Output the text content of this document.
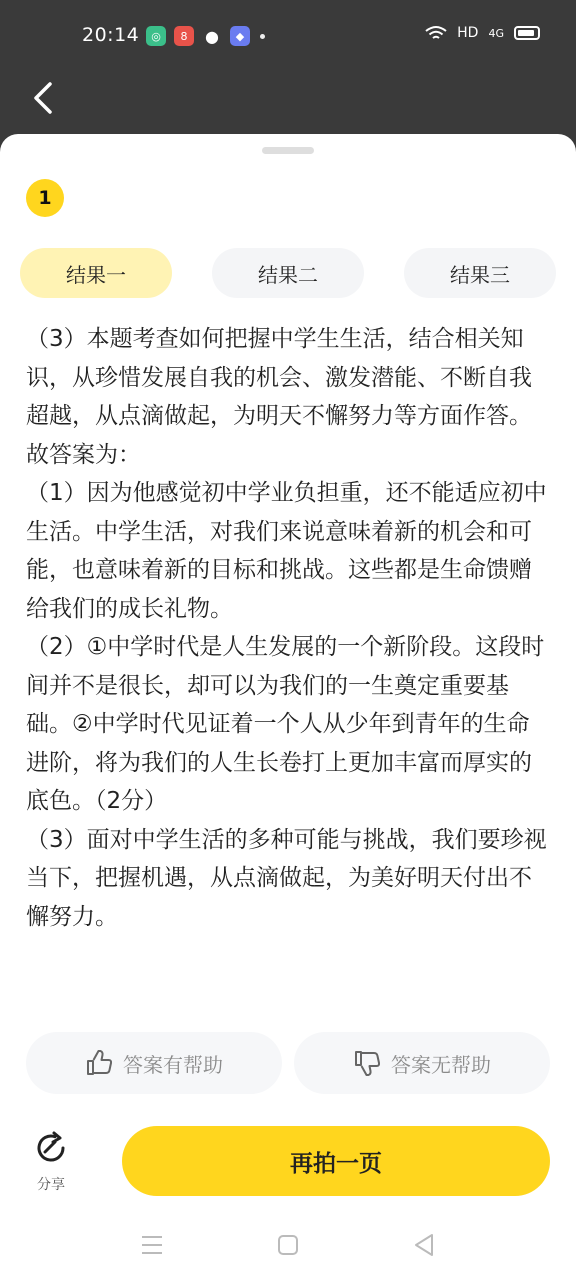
20:14	◎	8	●	◆	HD 4G
1
结果一	结果二	结果三

（3）本题考查如何把握中学生生活，结合相关知识，从珍惜发展自我的机会、激发潜能、不断自我超越，从点滴做起，为明天不懈努力等方面作答。

故答案为：

（1）因为他感觉初中学业负担重，还不能适应初中生活。中学生活，对我们来说意味着新的机会和可能，也意味着新的目标和挑战。这些都是生命馈赠给我们的成长礼物。

（2）①中学时代是人生发展的一个新阶段。这段时间并不是很长，却可以为我们的一生奠定重要基础。②中学时代见证着一个人从少年到青年的生命进阶，将为我们的人生长卷打上更加丰富而厚实的底色。（2分）

（3）面对中学生活的多种可能与挑战，我们要珍视当下，把握机遇，从点滴做起，为美好明天付出不懈努力。

答案有帮助	答案无帮助
分享
再拍一页
